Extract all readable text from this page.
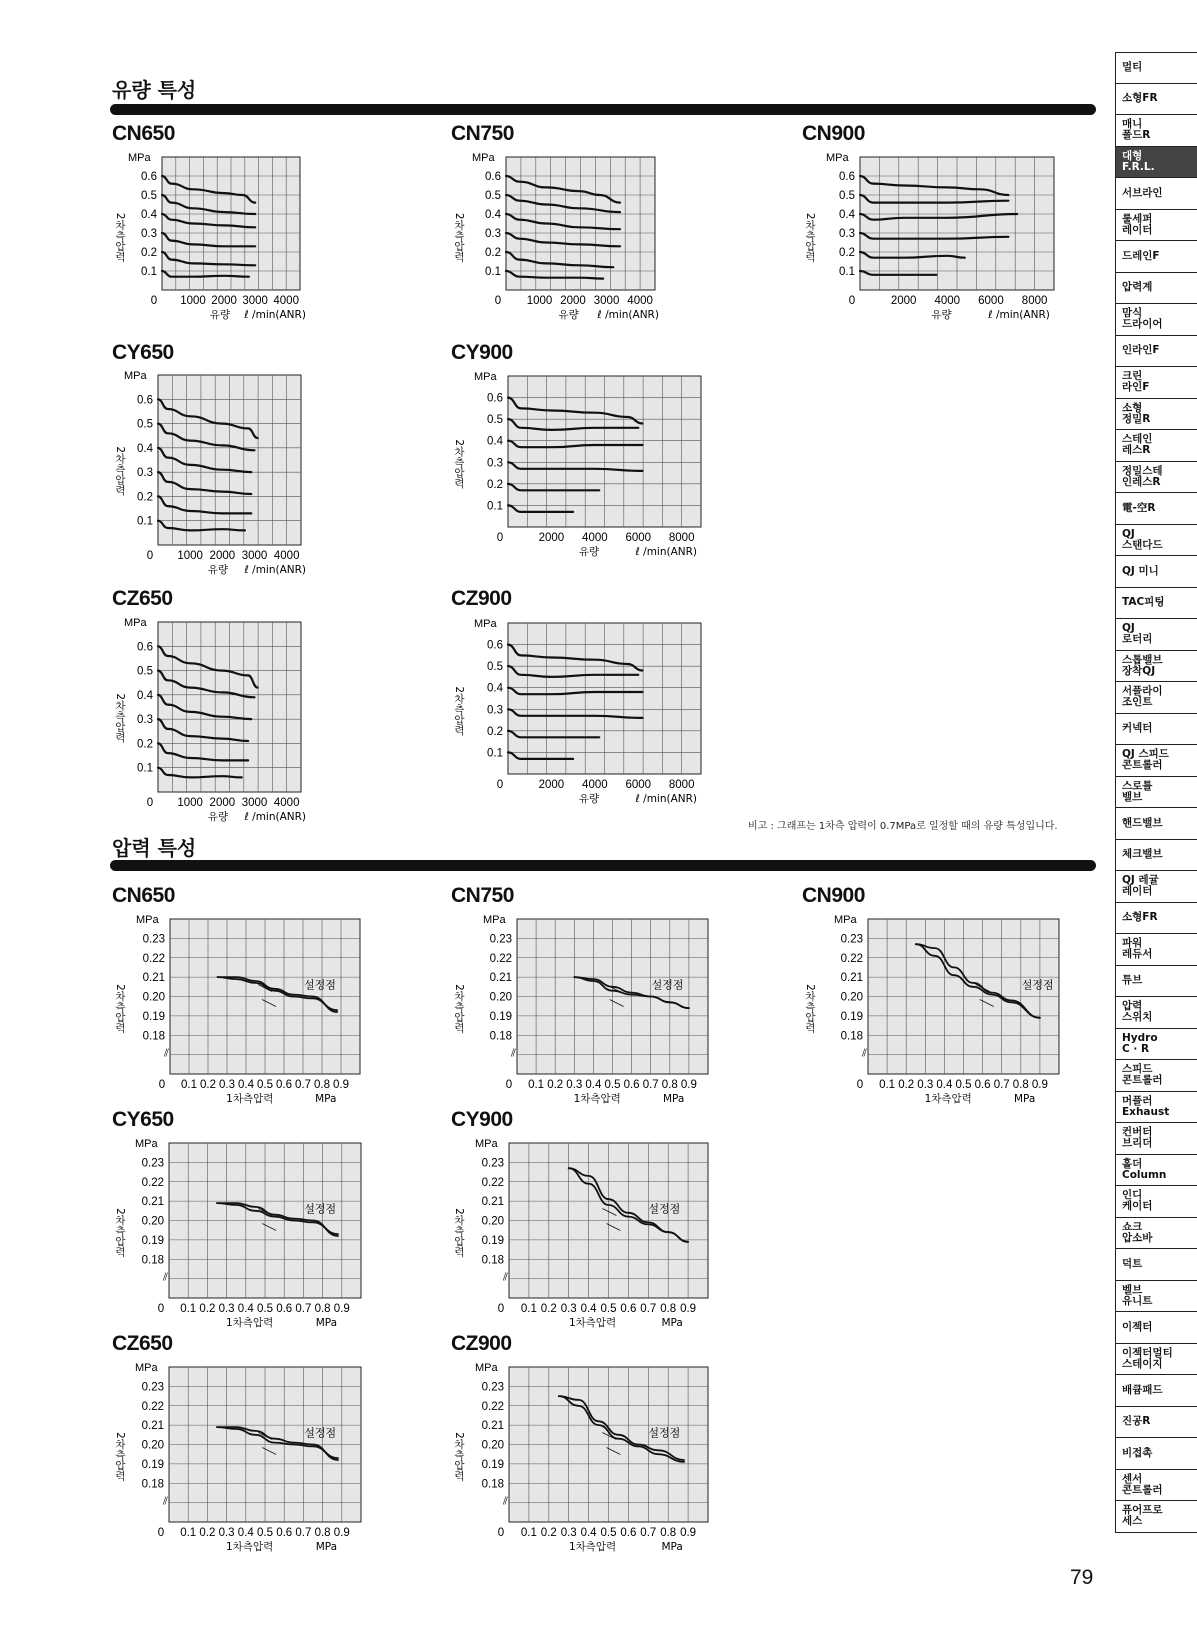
유량 특성
압력 특성
CN650
0.1
0.2
0.3
0.4
0.5
0.6
0 1000 2000 3000 4000
MPa
2차측압력
유량 ℓ /min(ANR)
CN750
0.1
0.2
0.3
0.4
0.5
0.6
0 1000 2000 3000 4000
MPa
2차측압력
유량 ℓ /min(ANR)
CN900
0.1
0.2
0.3
0.4
0.5
0.6
0	2000 4000 6000 8000
MPa
2차측압력
유량	ℓ /min(ANR)
CY650
0.1
0.2
0.3
0.4
0.5
0.6
0 1000 2000 3000 4000
MPa
2차측압력
유량 ℓ /min(ANR)
CY900
0.1
0.2
0.3
0.4
0.5
0.6
0	2000 4000 6000 8000
MPa
2차측압력
유량	ℓ /min(ANR)
CZ650
0.1
0.2
0.3
0.4
0.5
0.6
0 1000 2000 3000 4000
MPa
2차측압력
유량 ℓ /min(ANR)
CZ900
0.1
0.2
0.3
0.4
0.5
0.6
0	2000 4000 6000 8000
MPa
2차측압력
유량	ℓ /min(ANR)
CN650
0.18
0.19
0.20
0.21
0.22
0.23
0 0.1 0.2 0.3 0.4 0.5 0.6 0.7 0.8 0.9
MPa
2차측압력
1차측압력	MPa
⫽
설정점
CN750
0.18
0.19
0.20
0.21
0.22
0.23
0 0.1 0.2 0.3 0.4 0.5 0.6 0.7 0.8 0.9
MPa
2차측압력
1차측압력	MPa
⫽
설정점
CN900
0.18
0.19
0.20
0.21
0.22
0.23
0 0.1 0.2 0.3 0.4 0.5 0.6 0.7 0.8 0.9
MPa
2차측압력
1차측압력	MPa
⫽
설정점
CY650
0.18
0.19
0.20
0.21
0.22
0.23
0 0.1 0.2 0.3 0.4 0.5 0.6 0.7 0.8 0.9
MPa
2차측압력
1차측압력	MPa
⫽
설정점
CY900
0.18
0.19
0.20
0.21
0.22
0.23
0 0.1 0.2 0.3 0.4 0.5 0.6 0.7 0.8 0.9
MPa
2차측압력
1차측압력	MPa
⫽
설정점
CZ650
0.18
0.19
0.20
0.21
0.22
0.23
0 0.1 0.2 0.3 0.4 0.5 0.6 0.7 0.8 0.9
MPa
2차측압력
1차측압력	MPa
⫽
설정점
CZ900
0.18
0.19
0.20
0.21
0.22
0.23
0 0.1 0.2 0.3 0.4 0.5 0.6 0.7 0.8 0.9
MPa
2차측압력
1차측압력	MPa
⫽
설정점
비고 : 그래프는 1차측 압력이 0.7MPa로 일정할 때의 유량 특성입니다.
멀티
소형FR
매니
폴드R
대형
F.R.L.
서브라인
룰세퍼
레이터
드레인F
압력계
맘식
드라이어
인라인F
크린
라인F
소형
정밀R
스테인
레스R
정밀스테
인레스R
電-空R
QJ
스탠다드
QJ 미니
TAC피팅
QJ
로터리
스톱밸브
장착QJ
서플라이
조인트
커넥터
QJ 스피드
콘트롤러
스로틀
밸브
핸드밸브
체크밸브
QJ 레귤
레이터
소형FR
파워
레듀서
튜브
압력
스위치
Hydro
C · R
스피드
콘트롤러
머플러
Exhaust
컨버터
브리더
홀더
Column
인디
케이터
쇼크
압소바
덕트
벨브
유니트
이젝터
이젝터멀티
스테이지
배큠패드
진공R
비접촉
센서
콘트롤러
퓨어프로
세스
79
